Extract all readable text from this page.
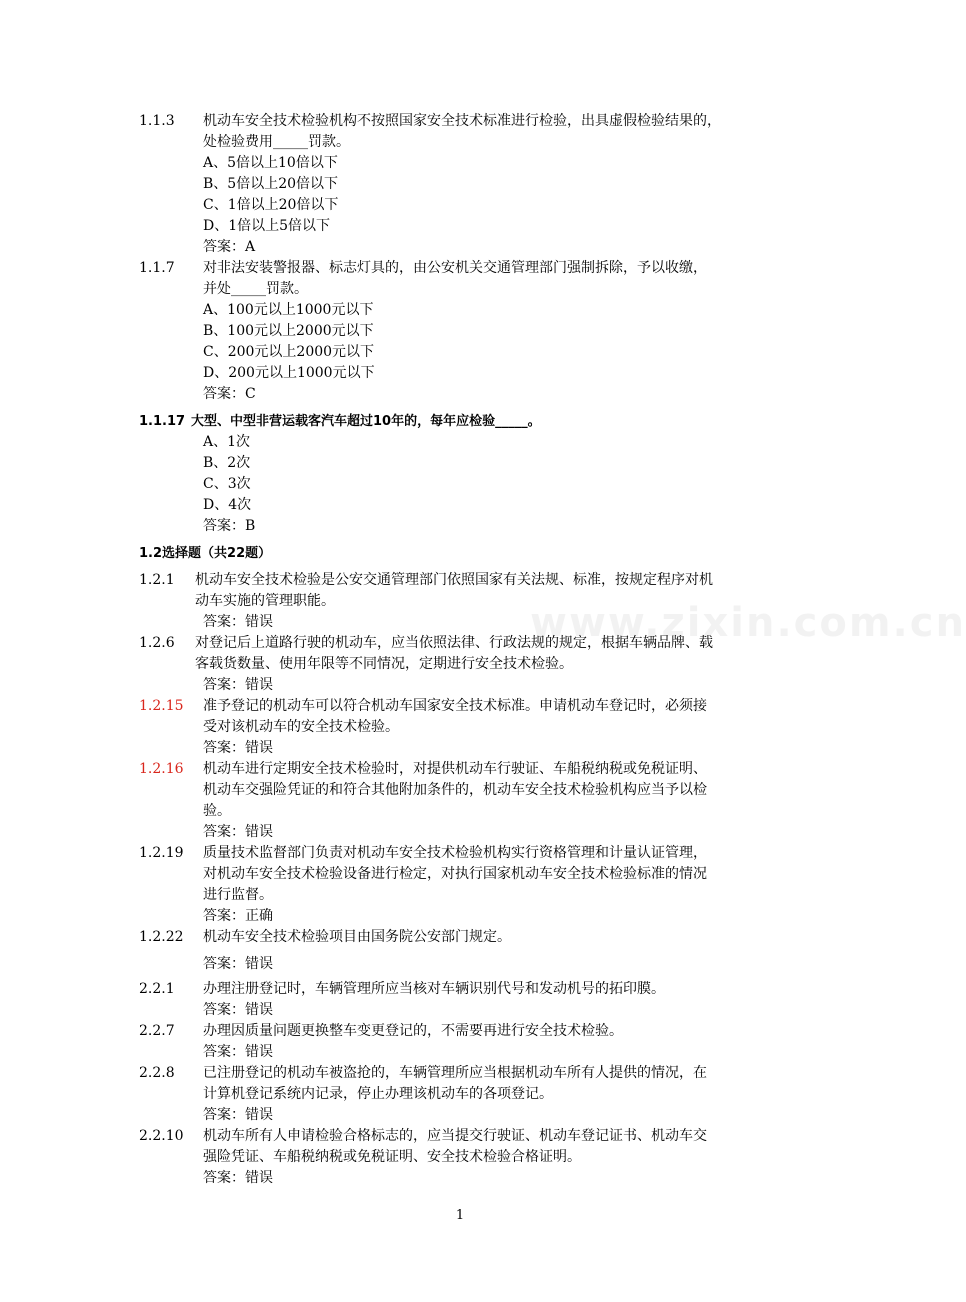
1.1.3 机动车安全技术检验机构不按照国家安全技术标准进行检验，出具虚假检验结果的，
处检验费用_____罚款。
A、5倍以上10倍以下
B、5倍以上20倍以下
C、1倍以上20倍以下
D、1倍以上5倍以下
答案：A
1.1.7 对非法安装警报器、标志灯具的，由公安机关交通管理部门强制拆除，予以收缴，
并处_____罚款。
A、100元以上1000元以下
B、100元以上2000元以下
C、200元以上2000元以下
D、200元以上1000元以下
答案：C
1.1.17 大型、中型非营运载客汽车超过10年的，每年应检验_____。
A、1次
B、2次
C、3次
D、4次
答案：B
1.2选择题（共22题）
1.2.1 机动车安全技术检验是公安交通管理部门依照国家有关法规、标准，按规定程序对机
动车实施的管理职能。
答案：错误
1.2.6 对登记后上道路行驶的机动车，应当依照法律、行政法规的规定，根据车辆品牌、载
客载货数量、使用年限等不同情况，定期进行安全技术检验。
答案：错误
1.2.15 准予登记的机动车可以符合机动车国家安全技术标准。申请机动车登记时，必须接
受对该机动车的安全技术检验。
答案：错误
1.2.16 机动车进行定期安全技术检验时，对提供机动车行驶证、车船税纳税或免税证明、
机动车交强险凭证的和符合其他附加条件的，机动车安全技术检验机构应当予以检
验。
答案：错误
1.2.19 质量技术监督部门负责对机动车安全技术检验机构实行资格管理和计量认证管理，
对机动车安全技术检验设备进行检定，对执行国家机动车安全技术检验标准的情况
进行监督。
答案：正确
1.2.22 机动车安全技术检验项目由国务院公安部门规定。
答案：错误
2.2.1 办理注册登记时，车辆管理所应当核对车辆识别代号和发动机号的拓印膜。
答案：错误
2.2.7 办理因质量问题更换整车变更登记的，不需要再进行安全技术检验。
答案：错误
2.2.8 已注册登记的机动车被盗抢的，车辆管理所应当根据机动车所有人提供的情况，在
计算机登记系统内记录，停止办理该机动车的各项登记。
答案：错误
2.2.10 机动车所有人申请检验合格标志的，应当提交行驶证、机动车登记证书、机动车交
强险凭证、车船税纳税或免税证明、安全技术检验合格证明。
答案：错误
www.zixin.com.cn
1
